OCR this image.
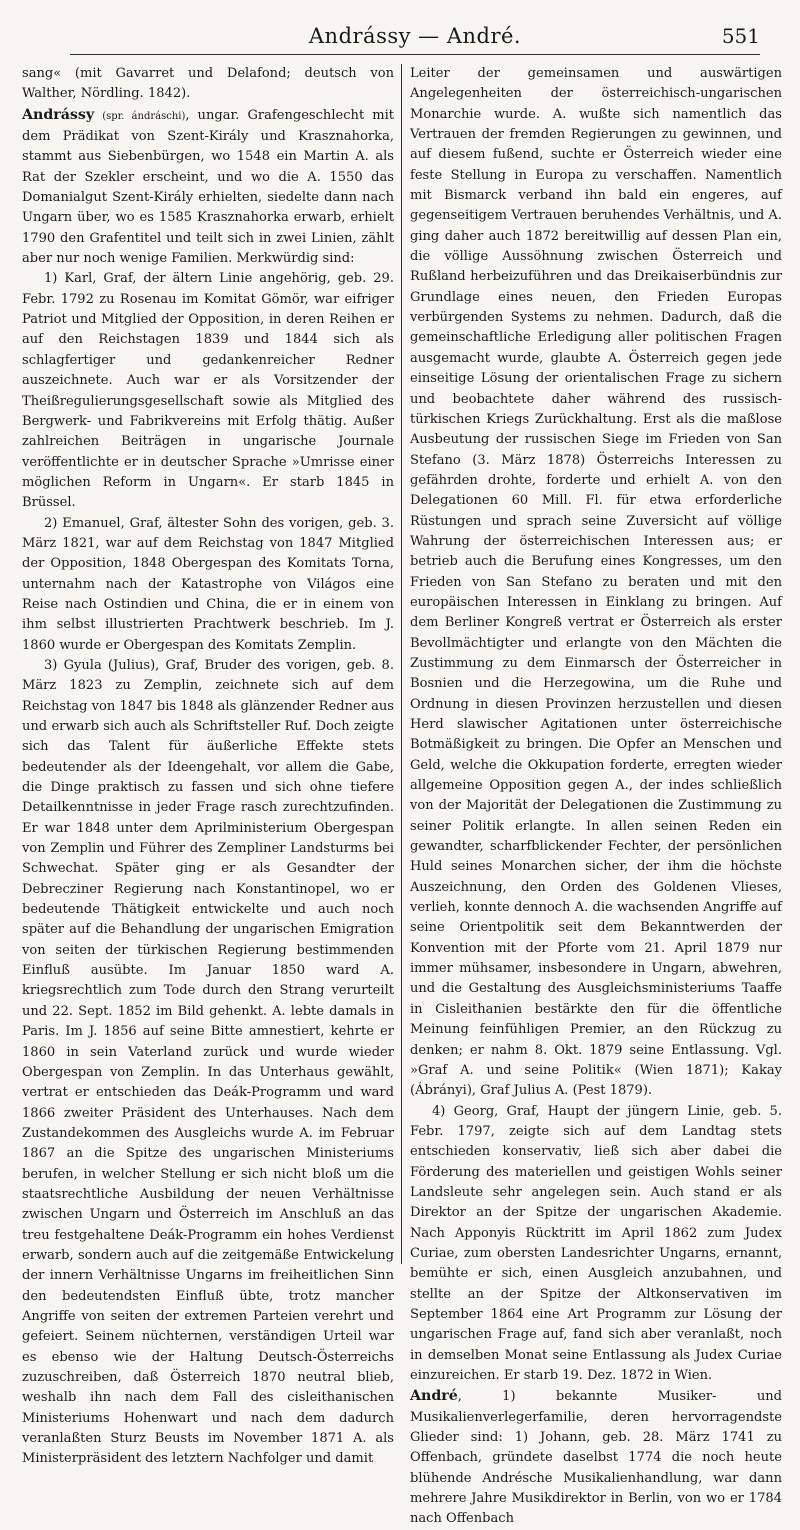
Andrássy — André.	551

sang« (mit Gavarret und Delafond; deutsch von Walther, Nördling. 1842).

Andrássy (spr. ándráschi), ungar. Grafengeschlecht mit dem Prädikat von Szent-Király und Krasznahorka, stammt aus Siebenbürgen, wo 1548 ein Martin A. als Rat der Szekler erscheint, und wo die A. 1550 das Domanialgut Szent-Király erhielten, siedelte dann nach Ungarn über, wo es 1585 Krasznahorka erwarb, erhielt 1790 den Grafentitel und teilt sich in zwei Linien, zählt aber nur noch wenige Familien. Merkwürdig sind:

1) Karl, Graf, der ältern Linie angehörig, geb. 29. Febr. 1792 zu Rosenau im Komitat Gömör, war eifriger Patriot und Mitglied der Opposition, in deren Reihen er auf den Reichstagen 1839 und 1844 sich als schlagfertiger und gedankenreicher Redner auszeichnete. Auch war er als Vorsitzender der Theißregulierungsgesellschaft sowie als Mitglied des Bergwerk- und Fabrikvereins mit Erfolg thätig. Außer zahlreichen Beiträgen in ungarische Journale veröffentlichte er in deutscher Sprache »Umrisse einer möglichen Reform in Ungarn«. Er starb 1845 in Brüssel.

2) Emanuel, Graf, ältester Sohn des vorigen, geb. 3. März 1821, war auf dem Reichstag von 1847 Mitglied der Opposition, 1848 Obergespan des Komitats Torna, unternahm nach der Katastrophe von Világos eine Reise nach Ostindien und China, die er in einem von ihm selbst illustrierten Prachtwerk beschrieb. Im J. 1860 wurde er Obergespan des Komitats Zemplin.

3) Gyula (Julius), Graf, Bruder des vorigen, geb. 8. März 1823 zu Zemplin, zeichnete sich auf dem Reichstag von 1847 bis 1848 als glänzender Redner aus und erwarb sich auch als Schriftsteller Ruf. Doch zeigte sich das Talent für äußerliche Effekte stets bedeutender als der Ideengehalt, vor allem die Gabe, die Dinge praktisch zu fassen und sich ohne tiefere Detailkenntnisse in jeder Frage rasch zurechtzufinden. Er war 1848 unter dem Aprilministerium Obergespan von Zemplin und Führer des Zempliner Landsturms bei Schwechat. Später ging er als Gesandter der Debrecziner Regierung nach Konstantinopel, wo er bedeutende Thätigkeit entwickelte und auch noch später auf die Behandlung der ungarischen Emigration von seiten der türkischen Regierung bestimmenden Einfluß ausübte. Im Januar 1850 ward A. kriegsrechtlich zum Tode durch den Strang verurteilt und 22. Sept. 1852 im Bild gehenkt. A. lebte damals in Paris. Im J. 1856 auf seine Bitte amnestiert, kehrte er 1860 in sein Vaterland zurück und wurde wieder Obergespan von Zemplin. In das Unterhaus gewählt, vertrat er entschieden das Deák-Programm und ward 1866 zweiter Präsident des Unterhauses. Nach dem Zustandekommen des Ausgleichs wurde A. im Februar 1867 an die Spitze des ungarischen Ministeriums berufen, in welcher Stellung er sich nicht bloß um die staatsrechtliche Ausbildung der neuen Verhältnisse zwischen Ungarn und Österreich im Anschluß an das treu festgehaltene Deák-Programm ein hohes Verdienst erwarb, sondern auch auf die zeitgemäße Entwickelung der innern Verhältnisse Ungarns im freiheitlichen Sinn den bedeutendsten Einfluß übte, trotz mancher Angriffe von seiten der extremen Parteien verehrt und gefeiert. Seinem nüchternen, verständigen Urteil war es ebenso wie der Haltung Deutsch-Österreichs zuzuschreiben, daß Österreich 1870 neutral blieb, weshalb ihn nach dem Fall des cisleithanischen Ministeriums Hohenwart und nach dem dadurch veranlaßten Sturz Beusts im November 1871 A. als Ministerpräsident des letztern Nachfolger und damit

Leiter der gemeinsamen und auswärtigen Angelegenheiten der österreichisch-ungarischen Monarchie wurde. A. wußte sich namentlich das Vertrauen der fremden Regierungen zu gewinnen, und auf diesem fußend, suchte er Österreich wieder eine feste Stellung in Europa zu verschaffen. Namentlich mit Bismarck verband ihn bald ein engeres, auf gegenseitigem Vertrauen beruhendes Verhältnis, und A. ging daher auch 1872 bereitwillig auf dessen Plan ein, die völlige Aussöhnung zwischen Österreich und Rußland herbeizuführen und das Dreikaiserbündnis zur Grundlage eines neuen, den Frieden Europas verbürgenden Systems zu nehmen. Dadurch, daß die gemeinschaftliche Erledigung aller politischen Fragen ausgemacht wurde, glaubte A. Österreich gegen jede einseitige Lösung der orientalischen Frage zu sichern und beobachtete daher während des russisch-türkischen Kriegs Zurückhaltung. Erst als die maßlose Ausbeutung der russischen Siege im Frieden von San Stefano (3. März 1878) Österreichs Interessen zu gefährden drohte, forderte und erhielt A. von den Delegationen 60 Mill. Fl. für etwa erforderliche Rüstungen und sprach seine Zuversicht auf völlige Wahrung der österreichischen Interessen aus; er betrieb auch die Berufung eines Kongresses, um den Frieden von San Stefano zu beraten und mit den europäischen Interessen in Einklang zu bringen. Auf dem Berliner Kongreß vertrat er Österreich als erster Bevollmächtigter und erlangte von den Mächten die Zustimmung zu dem Einmarsch der Österreicher in Bosnien und die Herzegowina, um die Ruhe und Ordnung in diesen Provinzen herzustellen und diesen Herd slawischer Agitationen unter österreichische Botmäßigkeit zu bringen. Die Opfer an Menschen und Geld, welche die Okkupation forderte, erregten wieder allgemeine Opposition gegen A., der indes schließlich von der Majorität der Delegationen die Zustimmung zu seiner Politik erlangte. In allen seinen Reden ein gewandter, scharfblickender Fechter, der persönlichen Huld seines Monarchen sicher, der ihm die höchste Auszeichnung, den Orden des Goldenen Vlieses, verlieh, konnte dennoch A. die wachsenden Angriffe auf seine Orientpolitik seit dem Bekanntwerden der Konvention mit der Pforte vom 21. April 1879 nur immer mühsamer, insbesondere in Ungarn, abwehren, und die Gestaltung des Ausgleichsministeriums Taaffe in Cisleithanien bestärkte den für die öffentliche Meinung feinfühligen Premier, an den Rückzug zu denken; er nahm 8. Okt. 1879 seine Entlassung. Vgl. »Graf A. und seine Politik« (Wien 1871); Kakay (Ábrányi), Graf Julius A. (Pest 1879).

4) Georg, Graf, Haupt der jüngern Linie, geb. 5. Febr. 1797, zeigte sich auf dem Landtag stets entschieden konservativ, ließ sich aber dabei die Förderung des materiellen und geistigen Wohls seiner Landsleute sehr angelegen sein. Auch stand er als Direktor an der Spitze der ungarischen Akademie. Nach Apponyis Rücktritt im April 1862 zum Judex Curiae, zum obersten Landesrichter Ungarns, ernannt, bemühte er sich, einen Ausgleich anzubahnen, und stellte an der Spitze der Altkonservativen im September 1864 eine Art Programm zur Lösung der ungarischen Frage auf, fand sich aber veranlaßt, noch in demselben Monat seine Entlassung als Judex Curiae einzureichen. Er starb 19. Dez. 1872 in Wien.

André, 1) bekannte Musiker- und Musikalienverlegerfamilie, deren hervorragendste Glieder sind: 1) Johann, geb. 28. März 1741 zu Offenbach, gründete daselbst 1774 die noch heute blühende Andrésche Musikalienhandlung, war dann mehrere Jahre Musikdirektor in Berlin, von wo er 1784 nach Offenbach
